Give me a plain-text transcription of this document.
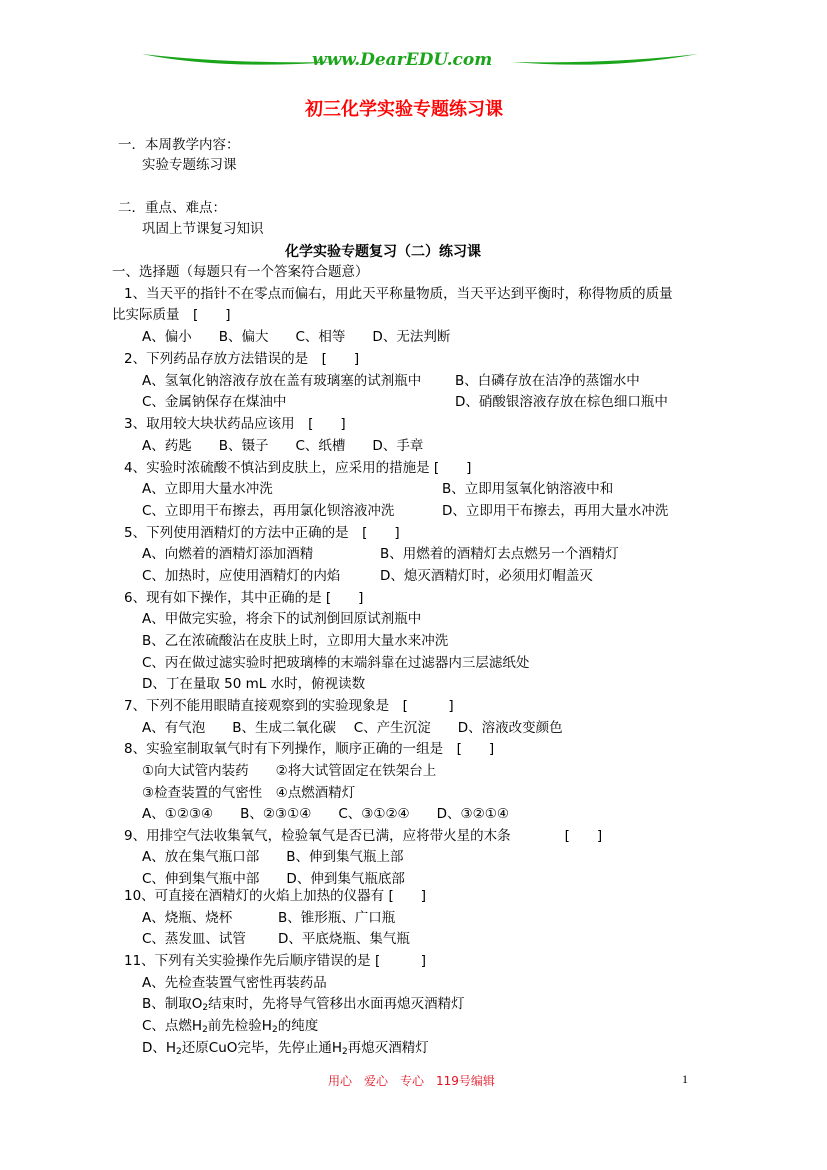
www.DearEDU.com
初三化学实验专题练习课
一．本周教学内容：
实验专题练习课
二．重点、难点：
巩固上节课复习知识
化学实验专题复习（二）练习课
一、选择题（每题只有一个答案符合题意）
1、当天平的指针不在零点而偏右，用此天平称量物质，当天平达到平衡时，称得物质的质量
比实际质量　[　　]
A、偏小　　B、偏大　　C、相等　　D、无法判断
2、下列药品存放方法错误的是　[　　]
A、氢氧化钠溶液存放在盖有玻璃塞的试剂瓶中	B、白磷存放在洁净的蒸馏水中
C、金属钠保存在煤油中	D、硝酸银溶液存放在棕色细口瓶中
3、取用较大块状药品应该用　[　　]
A、药匙　　B、镊子　　C、纸槽　　D、手章
4、实验时浓硫酸不慎沾到皮肤上，应采用的措施是 [　　]
A、立即用大量水冲洗	B、立即用氢氧化钠溶液中和
C、立即用干布擦去，再用氯化钡溶液冲洗	D、立即用干布擦去，再用大量水冲洗
5、下列使用酒精灯的方法中正确的是　[　　]
A、向燃着的酒精灯添加酒精	B、用燃着的酒精灯去点燃另一个酒精灯
C、加热时，应使用酒精灯的内焰	D、熄灭酒精灯时，必须用灯帽盖灭
6、现有如下操作，其中正确的是 [　　]
A、甲做完实验，将余下的试剂倒回原试剂瓶中
B、乙在浓硫酸沾在皮肤上时，立即用大量水来冲洗
C、丙在做过滤实验时把玻璃棒的末端斜靠在过滤器内三层滤纸处
D、丁在量取 50 mL 水时，俯视读数
7、下列不能用眼睛直接观察到的实验现象是　[　　　]
A、有气泡　　B、生成二氧化碳　 C、产生沉淀　　D、溶液改变颜色
8、实验室制取氧气时有下列操作，顺序正确的一组是　[　　]
①向大试管内装药　　②将大试管固定在铁架台上
③检查装置的气密性　④点燃酒精灯
A、①②③④　　B、②③①④　　C、③①②④　　D、③②①④
9、用排空气法收集氧气，检验氧气是否已满，应将带火星的木条　　　　[　　]
A、放在集气瓶口部　　B、伸到集气瓶上部
C、伸到集气瓶中部　　D、伸到集气瓶底部
10、可直接在酒精灯的火焰上加热的仪器有 [　　]
A、烧瓶、烧杯	B、锥形瓶、广口瓶
C、蒸发皿、试管 D、平底烧瓶、集气瓶
11、下列有关实验操作先后顺序错误的是 [　　　]
A、先检查装置气密性再装药品
B、制取$O_2$结束时，先将导气管移出水面再熄灭酒精灯
C、点燃$H_2$前先检验$H_2$的纯度
D、$H_2$还原CuO完毕，先停止通$H_2$再熄灭酒精灯
用心　爱心　专心　119号编辑	1
